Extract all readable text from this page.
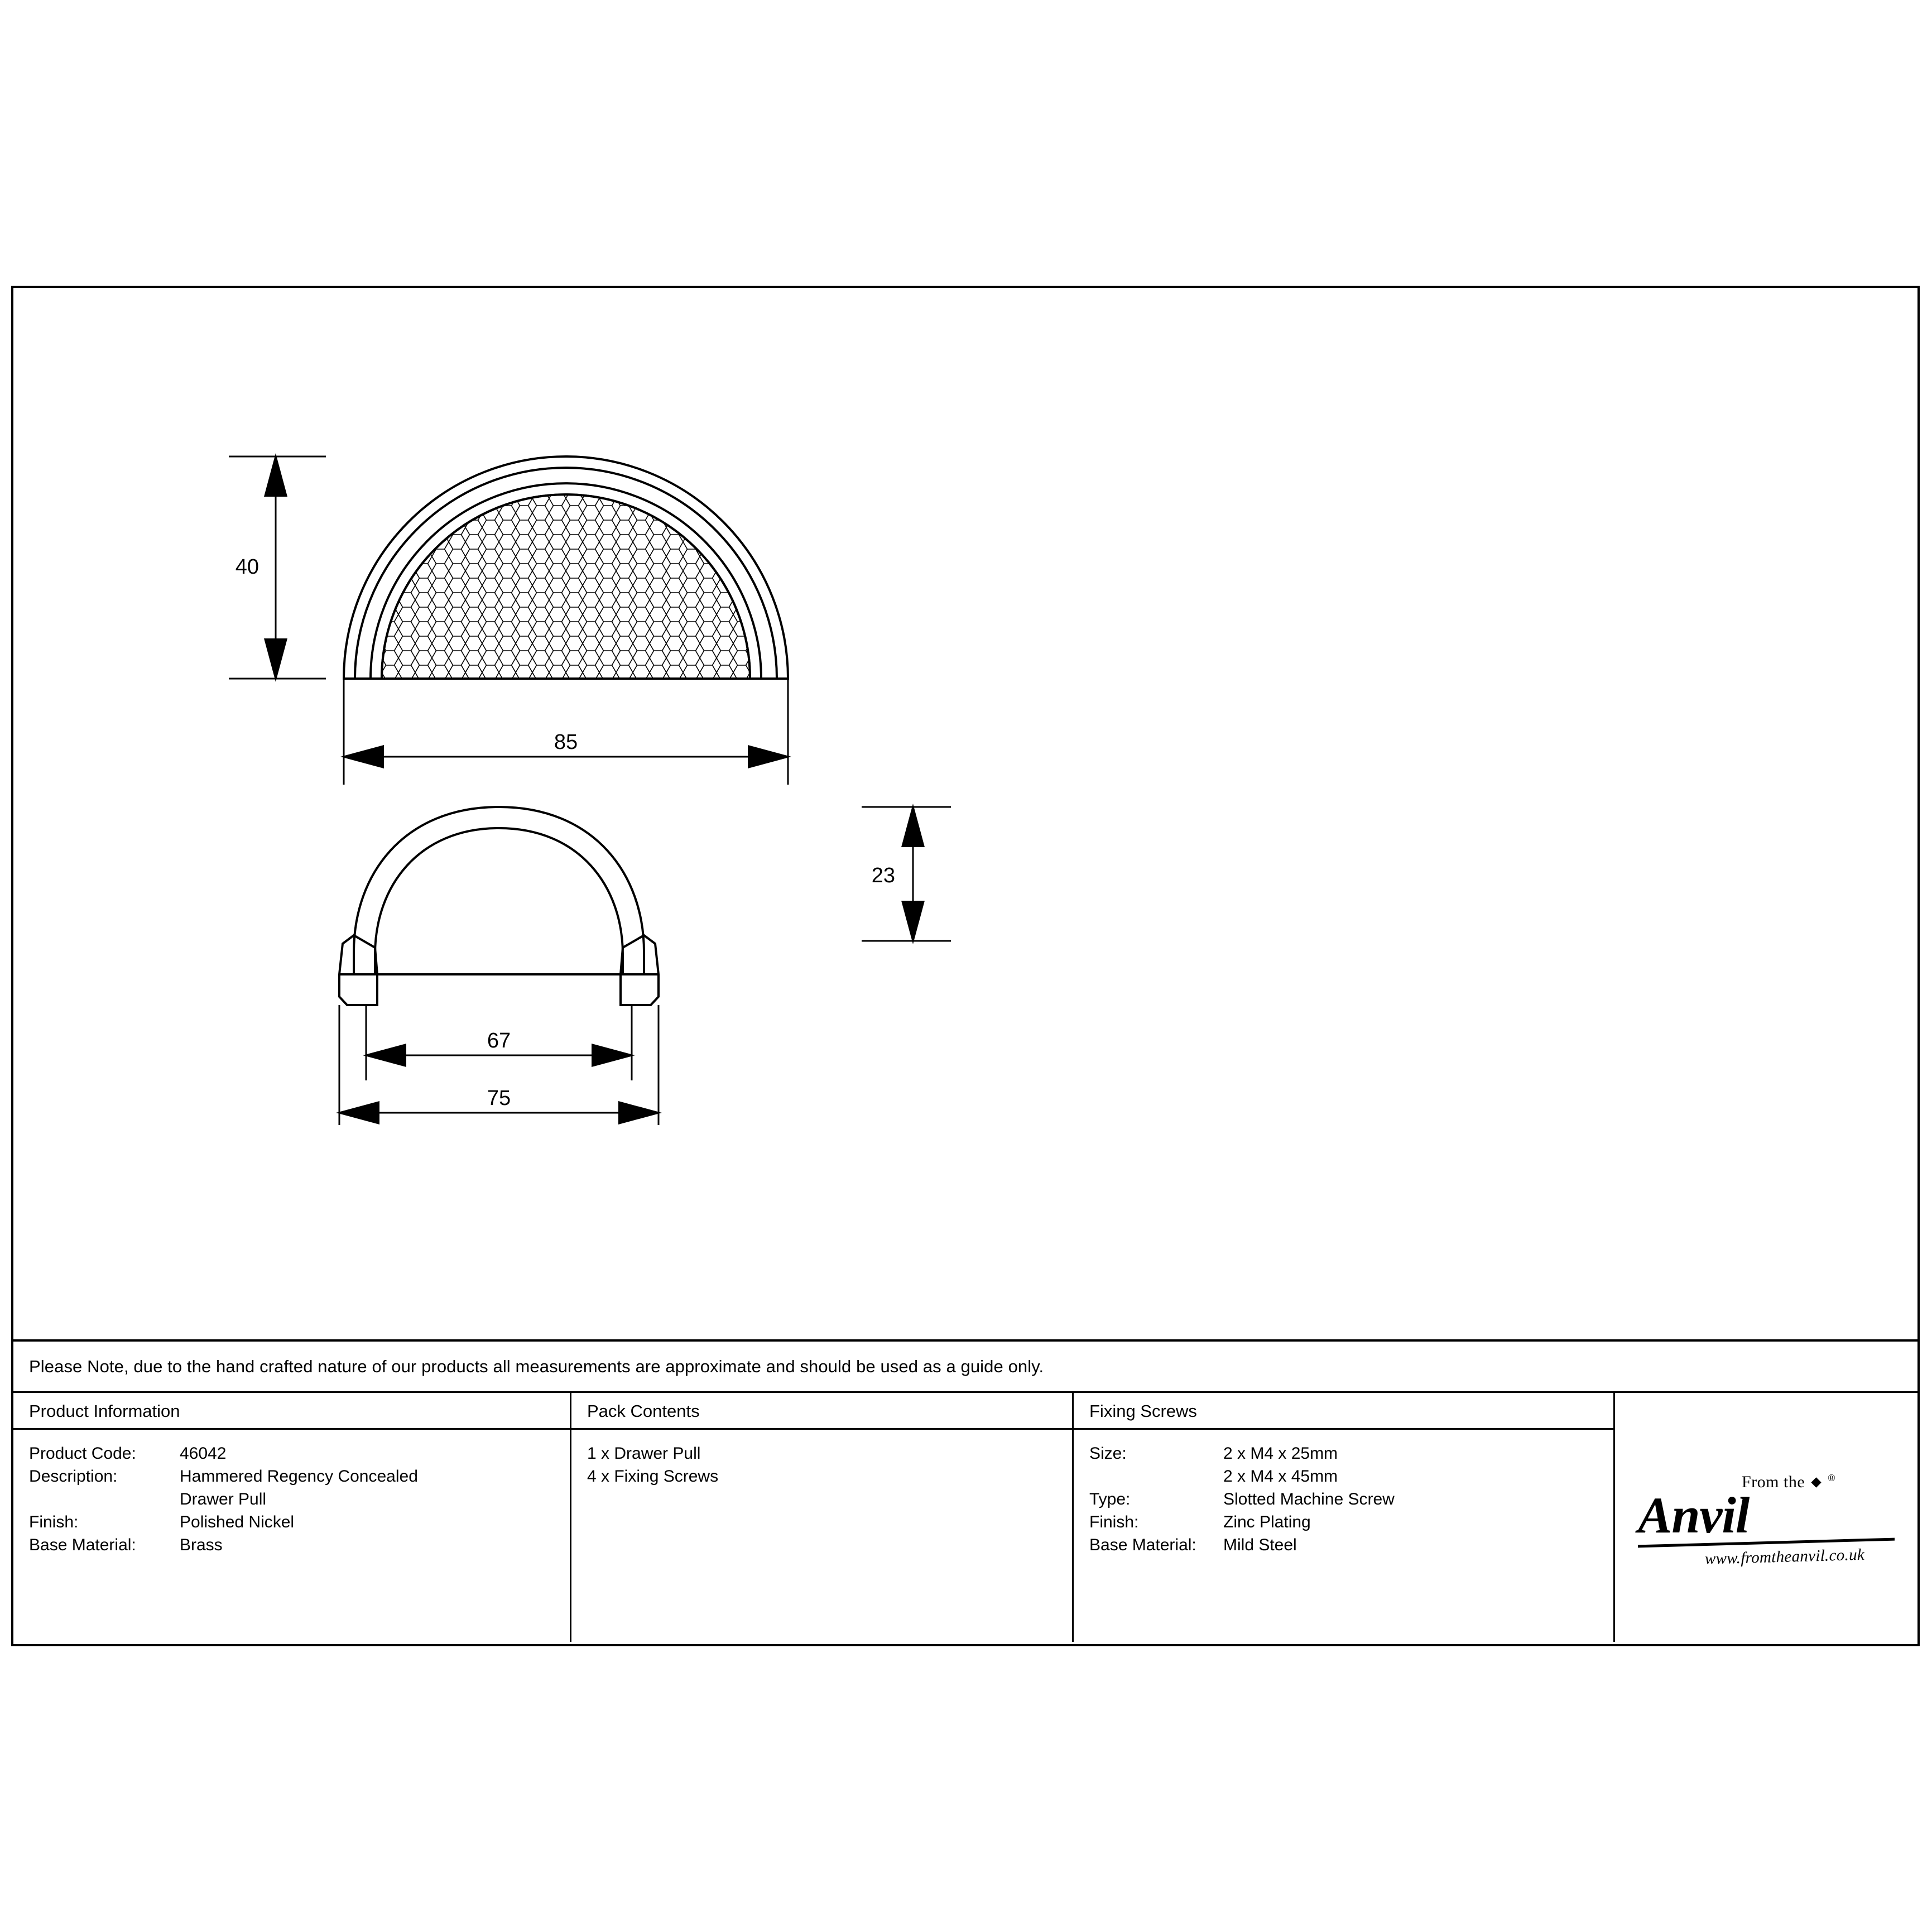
40
85
23
67
75
Please Note, due to the hand crafted nature of our products all measurements are approximate and should be used as a guide only.
Product Information
Product Code:	46042
Description:	Hammered Regency Concealed
Drawer Pull
Finish:	Polished Nickel
Base Material:	Brass
Pack Contents
1 x Drawer Pull
4 x Fixing Screws
Fixing Screws
Size:	2 x M4 x 25mm
2 x M4 x 45mm
Type:	Slotted Machine Screw
Finish:	Zinc Plating
Base Material:	Mild Steel
From the ®
Anvil
www.fromtheanvil.co.uk
